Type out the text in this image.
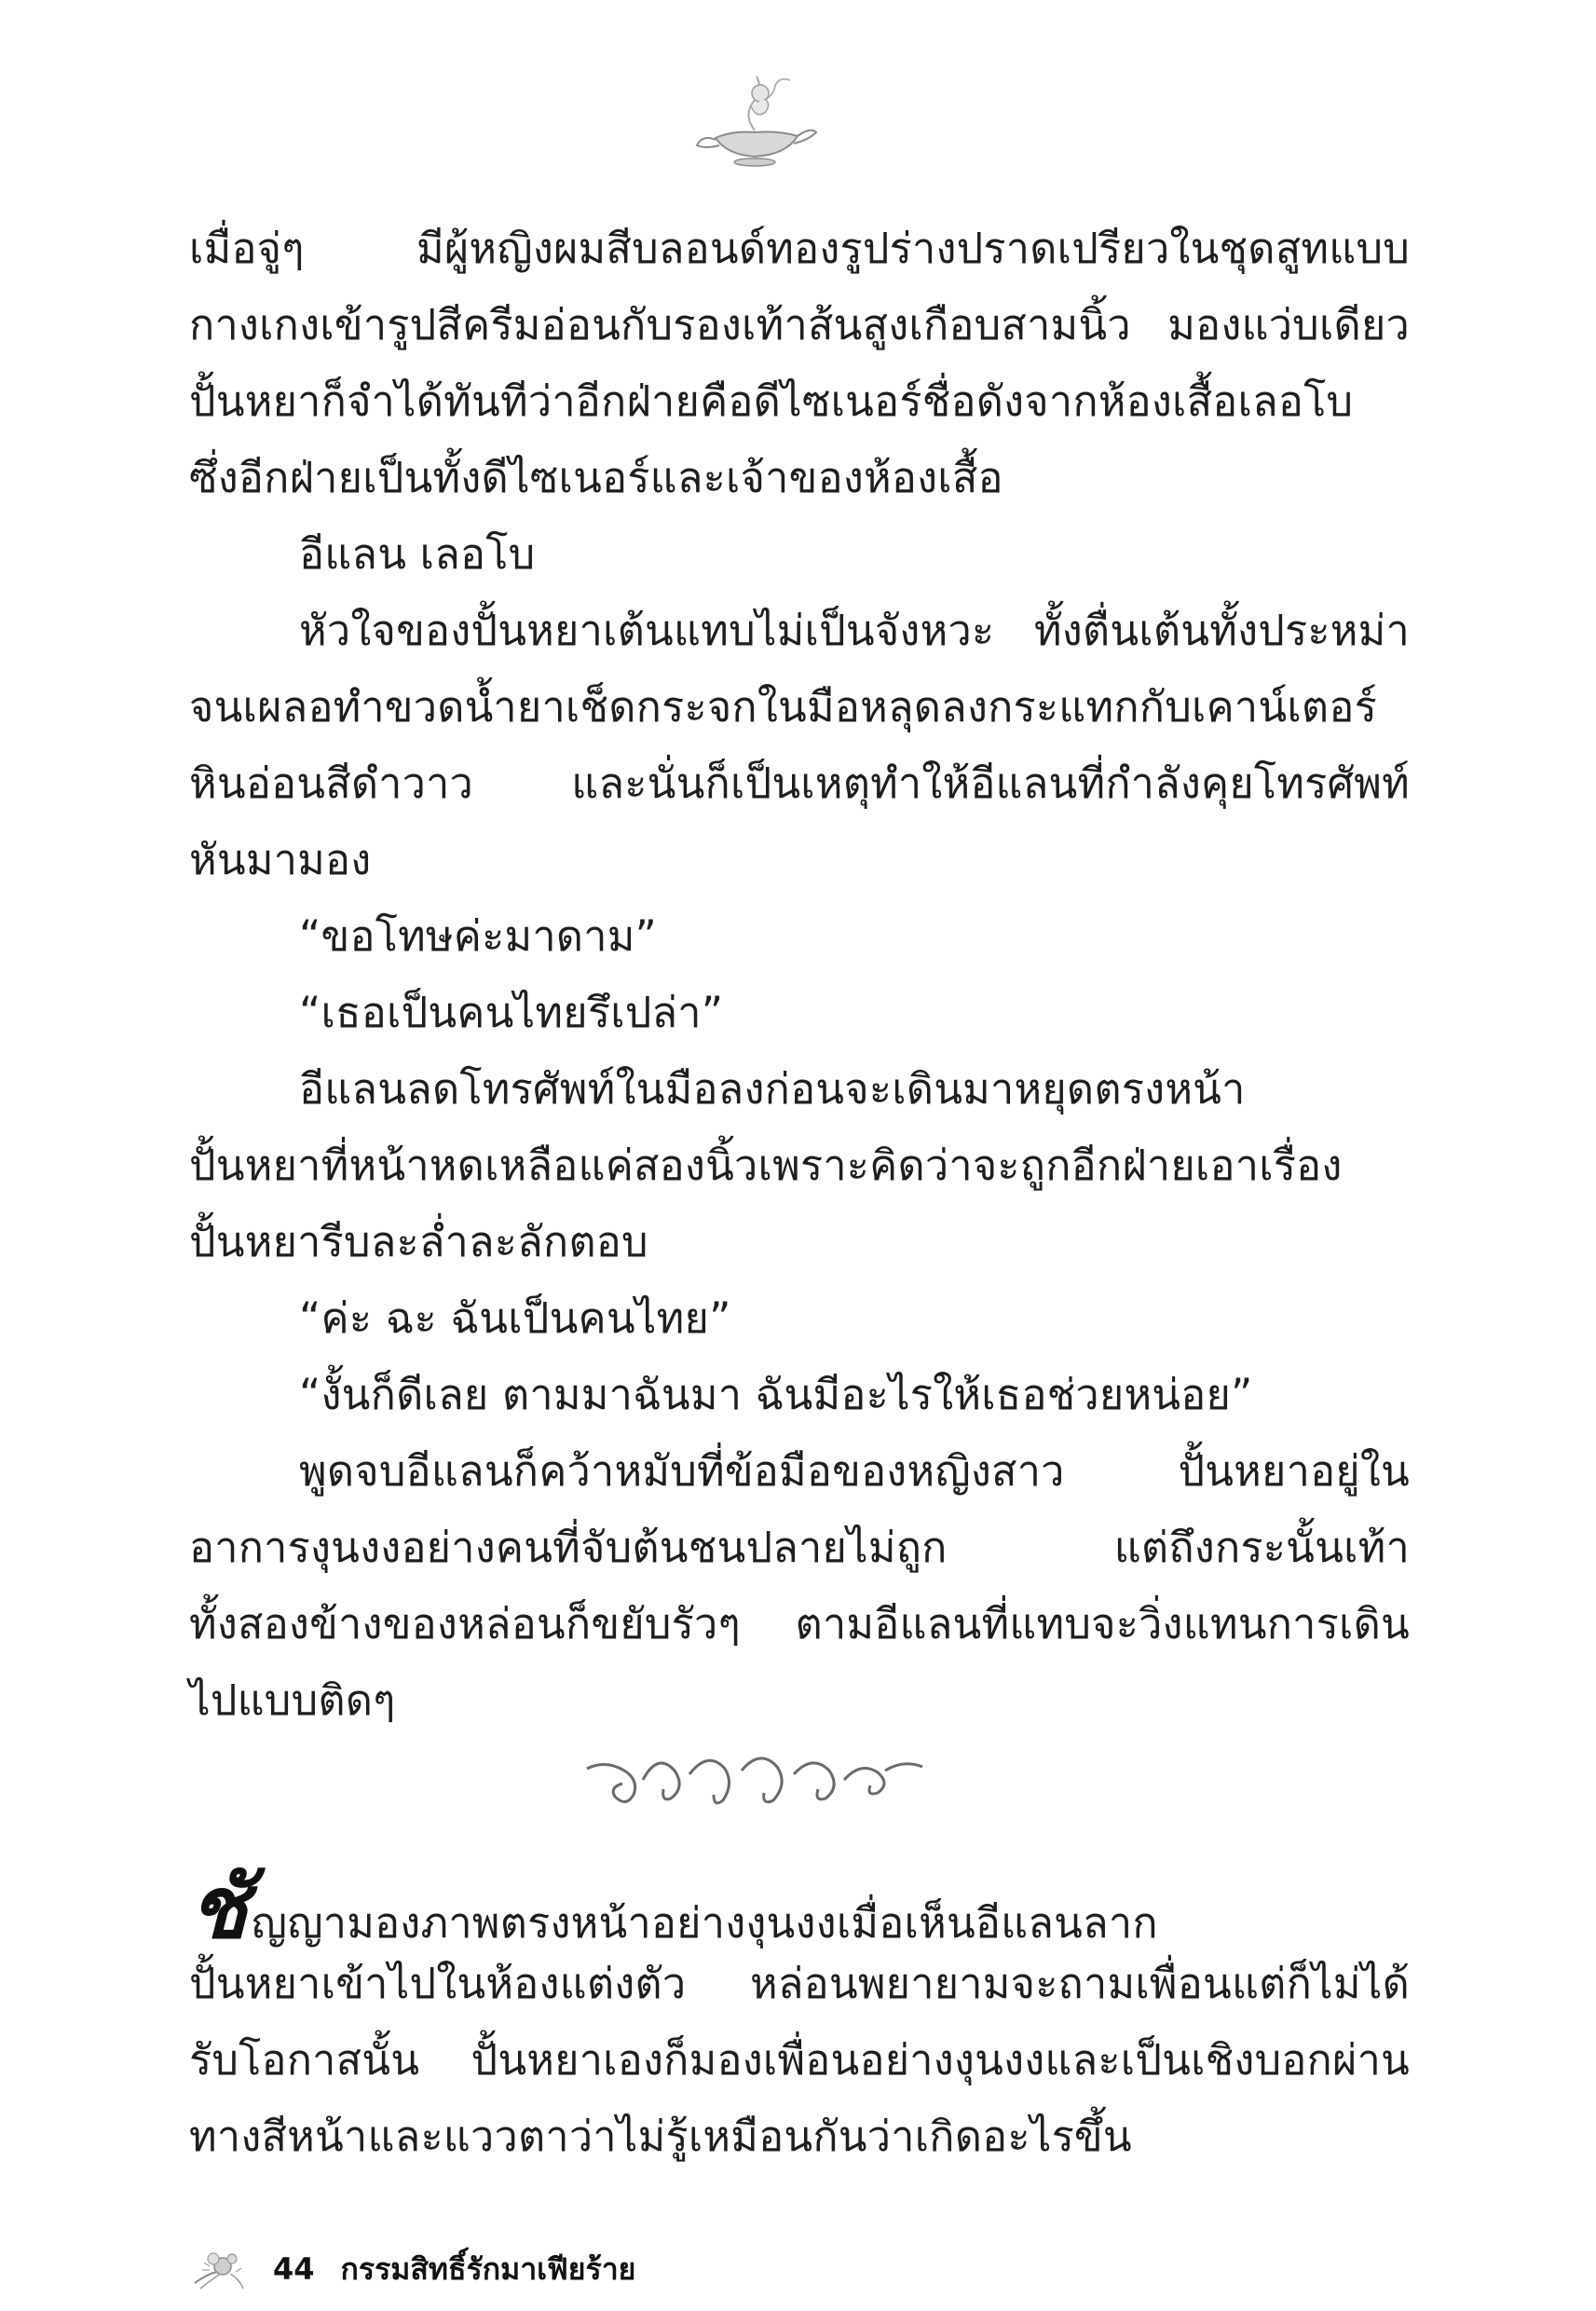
เมื่อจู่ๆ มีผู้หญิงผมสีบลอนด์ทองรูปร่างปราดเปรียวในชุดสูทแบบ
กางเกงเข้ารูปสีครีมอ่อนกับรองเท้าส้นสูงเกือบสามนิ้ว มองแว่บเดียว
ปั้นหยาก็จำได้ทันทีว่าอีกฝ่ายคือดีไซเนอร์ชื่อดังจากห้องเสื้อเลอโบ
ซึ่งอีกฝ่ายเป็นทั้งดีไซเนอร์และเจ้าของห้องเสื้อ
อีแลน เลอโบ
หัวใจของปั้นหยาเต้นแทบไม่เป็นจังหวะ ทั้งตื่นเต้นทั้งประหม่า
จนเผลอทำขวดน้ำยาเช็ดกระจกในมือหลุดลงกระแทกกับเคาน์เตอร์
หินอ่อนสีดำวาว และนั่นก็เป็นเหตุทำให้อีแลนที่กำลังคุยโทรศัพท์
หันมามอง
“ขอโทษค่ะมาดาม”
“เธอเป็นคนไทยรึเปล่า”
อีแลนลดโทรศัพท์ในมือลงก่อนจะเดินมาหยุดตรงหน้า
ปั้นหยาที่หน้าหดเหลือแค่สองนิ้วเพราะคิดว่าจะถูกอีกฝ่ายเอาเรื่อง
ปั้นหยารีบละล่ำละลักตอบ
“ค่ะ ฉะ ฉันเป็นคนไทย”
“งั้นก็ดีเลย ตามมาฉันมา ฉันมีอะไรให้เธอช่วยหน่อย”
พูดจบอีแลนก็คว้าหมับที่ข้อมือของหญิงสาว ปั้นหยาอยู่ใน
อาการงุนงงอย่างคนที่จับต้นชนปลายไม่ถูก แต่ถึงกระนั้นเท้า
ทั้งสองข้างของหล่อนก็ขยับรัวๆ ตามอีแลนที่แทบจะวิ่งแทนการเดิน
ไปแบบติดๆ
ชัญญามองภาพตรงหน้าอย่างงุนงงเมื่อเห็นอีแลนลาก
ปั้นหยาเข้าไปในห้องแต่งตัว หล่อนพยายามจะถามเพื่อนแต่ก็ไม่ได้
รับโอกาสนั้น ปั้นหยาเองก็มองเพื่อนอย่างงุนงงและเป็นเชิงบอกผ่าน
ทางสีหน้าและแววตาว่าไม่รู้เหมือนกันว่าเกิดอะไรขึ้น
44 กรรมสิทธิ์รักมาเฟียร้าย
